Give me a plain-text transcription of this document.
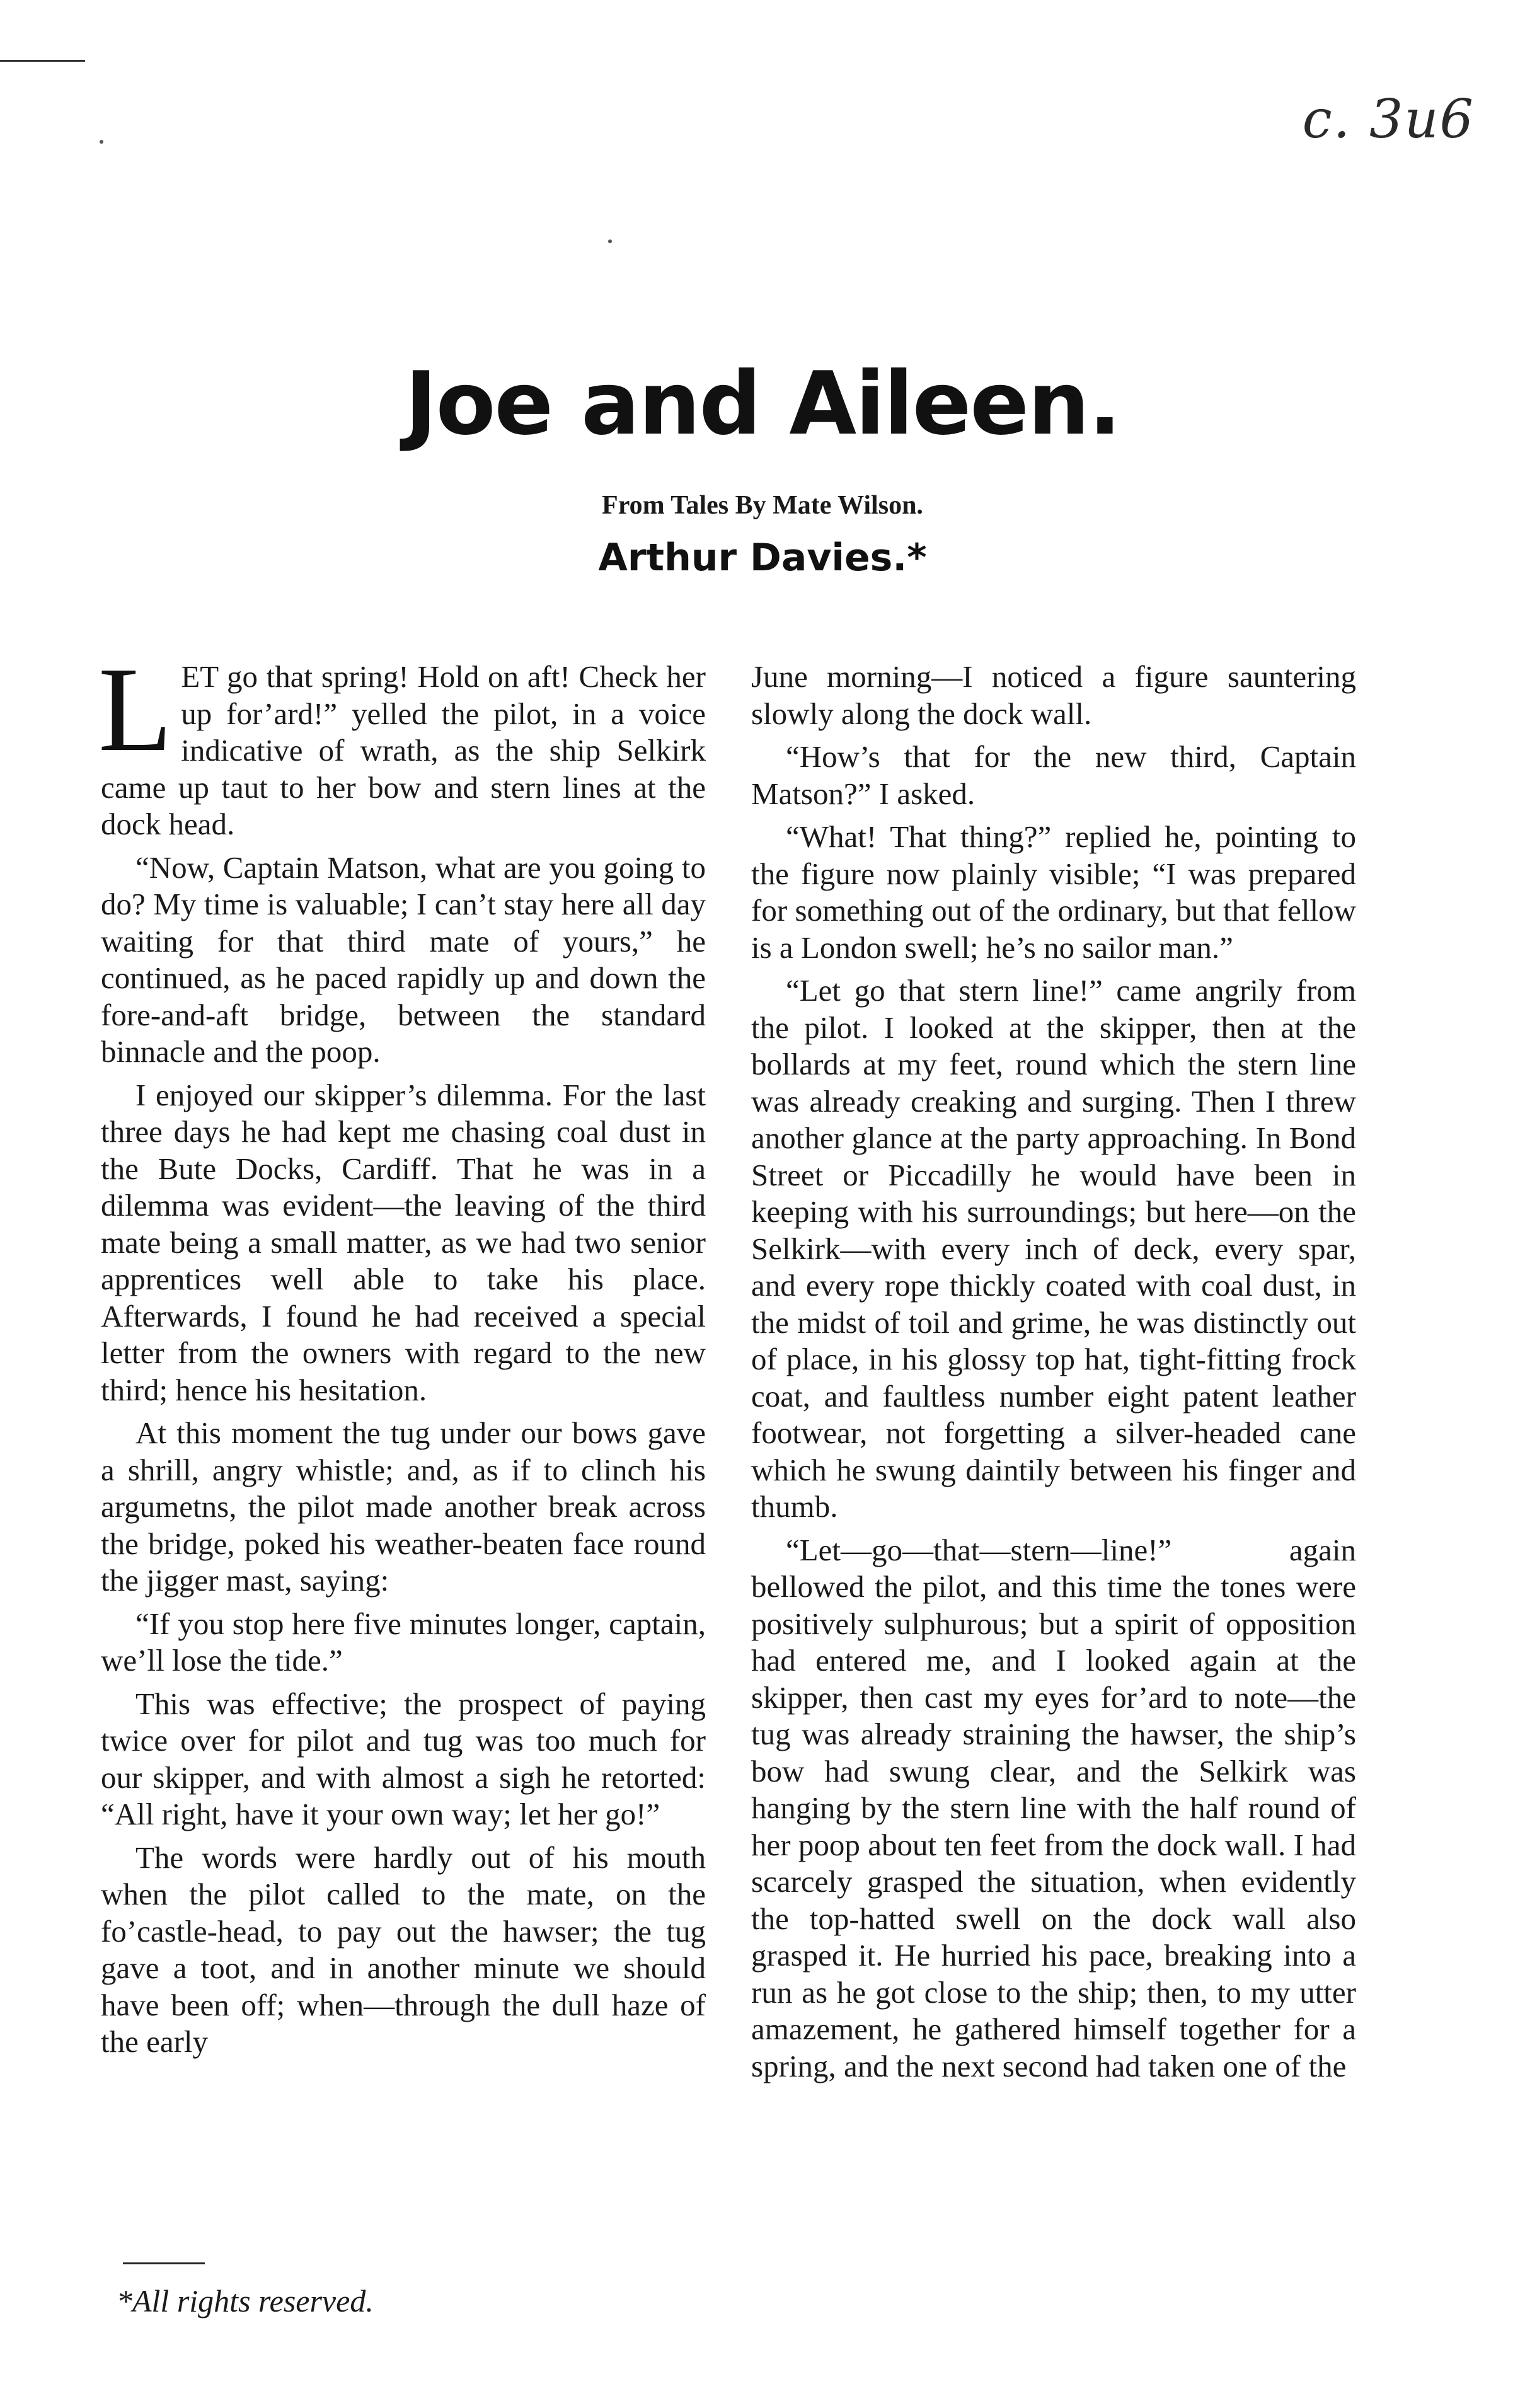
c. 3u6
Joe and Aileen.
From Tales By Mate Wilson.
Arthur Davies.*

LET go that spring! Hold on aft! Check her up for’ard!” yelled the pilot, in a voice indicative of wrath, as the ship Selkirk came up taut to her bow and stern lines at the dock head.

“Now, Captain Matson, what are you going to do? My time is valuable; I can’t stay here all day waiting for that third mate of yours,” he continued, as he paced rapidly up and down the fore-and-aft bridge, between the standard binnacle and the poop.

I enjoyed our skipper’s dilemma. For the last three days he had kept me chasing coal dust in the Bute Docks, Cardiff. That he was in a dilemma was evident—the leaving of the third mate being a small matter, as we had two senior apprentices well able to take his place. Afterwards, I found he had received a special letter from the owners with regard to the new third; hence his hesitation.

At this moment the tug under our bows gave a shrill, angry whistle; and, as if to clinch his argumetns, the pilot made another break across the bridge, poked his weather-beaten face round the jigger mast, saying:

“If you stop here five minutes longer, captain, we’ll lose the tide.”

This was effective; the prospect of paying twice over for pilot and tug was too much for our skipper, and with almost a sigh he retorted: “All right, have it your own way; let her go!”

The words were hardly out of his mouth when the pilot called to the mate, on the fo’castle-head, to pay out the hawser; the tug gave a toot, and in another minute we should have been off; when—through the dull haze of the early

June morning—I noticed a figure sauntering slowly along the dock wall.

“How’s that for the new third, Captain Matson?” I asked.

“What! That thing?” replied he, pointing to the figure now plainly visible; “I was prepared for something out of the ordinary, but that fellow is a London swell; he’s no sailor man.”

“Let go that stern line!” came angrily from the pilot. I looked at the skipper, then at the bollards at my feet, round which the stern line was already creaking and surging. Then I threw another glance at the party approaching. In Bond Street or Piccadilly he would have been in keeping with his surroundings; but here—on the Selkirk—with every inch of deck, every spar, and every rope thickly coated with coal dust, in the midst of toil and grime, he was distinctly out of place, in his glossy top hat, tight-fitting frock coat, and faultless number eight patent leather footwear, not forgetting a silver-headed cane which he swung daintily between his finger and thumb.

“Let—go—that—stern—line!” again bellowed the pilot, and this time the tones were positively sulphurous; but a spirit of opposition had entered me, and I looked again at the skipper, then cast my eyes for’ard to note—the tug was already straining the hawser, the ship’s bow had swung clear, and the Selkirk was hanging by the stern line with the half round of her poop about ten feet from the dock wall. I had scarcely grasped the situation, when evidently the top-hatted swell on the dock wall also grasped it. He hurried his pace, breaking into a run as he got close to the ship; then, to my utter amazement, he gathered himself together for a spring, and the next second had taken one of the

*All rights reserved.
